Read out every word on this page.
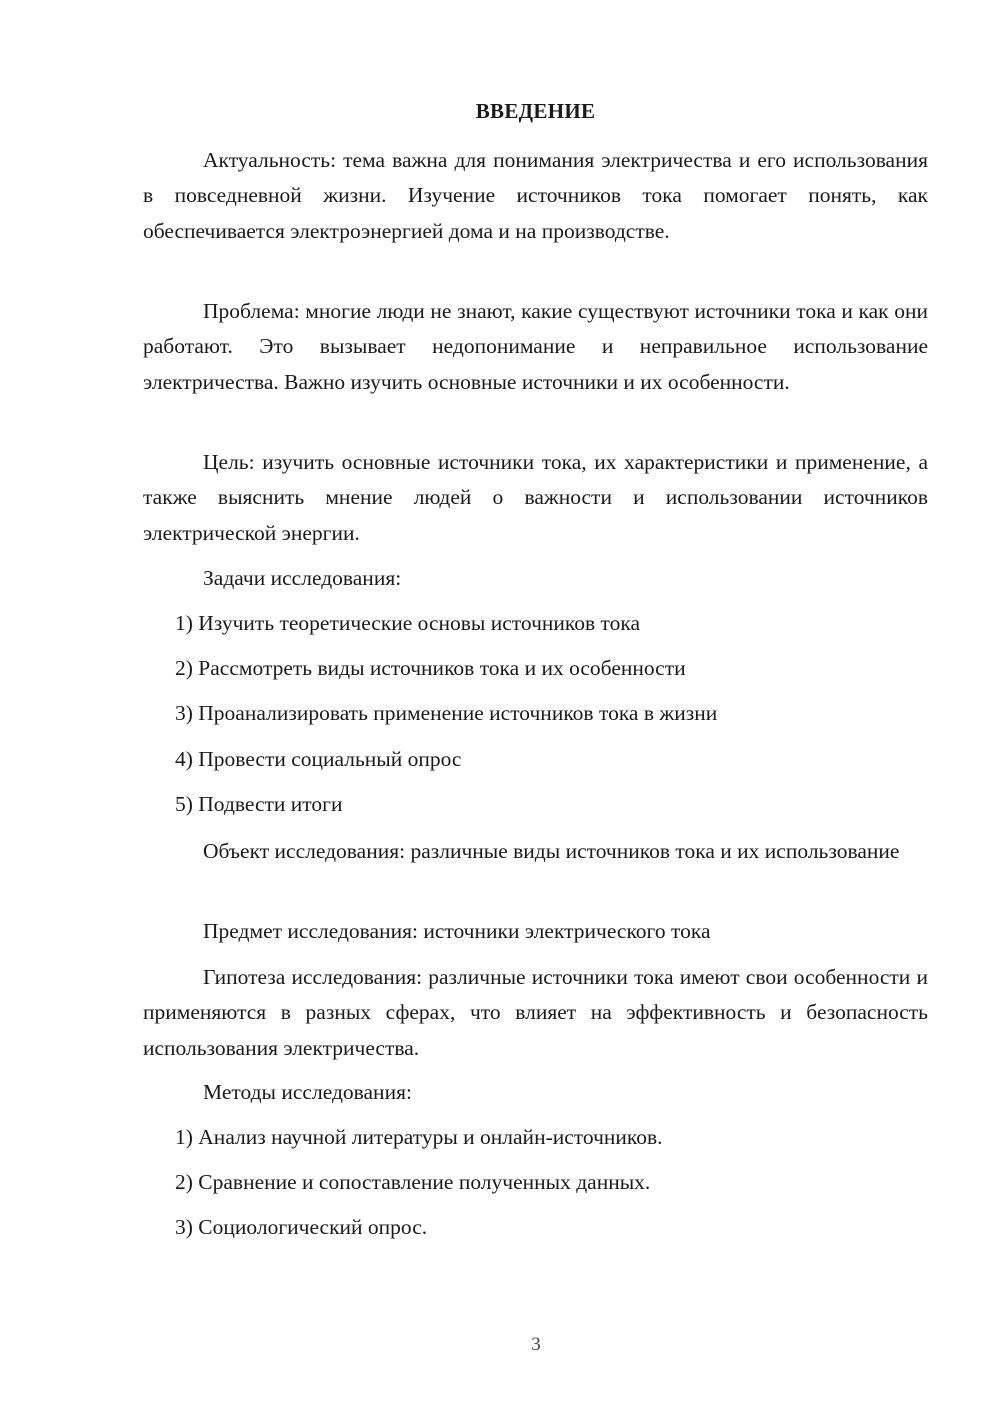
ВВЕДЕНИЕ

Актуальность: тема важна для понимания электричества и его использования в повседневной жизни. Изучение источников тока помогает понять, как обеспечивается электроэнергией дома и на производстве.

Проблема: многие люди не знают, какие существуют источники тока и как они работают. Это вызывает недопонимание и неправильное использование электричества. Важно изучить основные источники и их особенности.

Цель: изучить основные источники тока, их характеристики и применение, а также выяснить мнение людей о важности и использовании источников электрической энергии.

Задачи исследования:

1) Изучить теоретические основы источников тока

2) Рассмотреть виды источников тока и их особенности

3) Проанализировать применение источников тока в жизни

4) Провести социальный опрос

5) Подвести итоги

Объект исследования: различные виды источников тока и их использование

Предмет исследования: источники электрического тока

Гипотеза исследования: различные источники тока имеют свои особенности и применяются в разных сферах, что влияет на эффективность и безопасность использования электричества.

Методы исследования:

1) Анализ научной литературы и онлайн-источников.

2) Сравнение и сопоставление полученных данных.

3) Социологический опрос.

3
